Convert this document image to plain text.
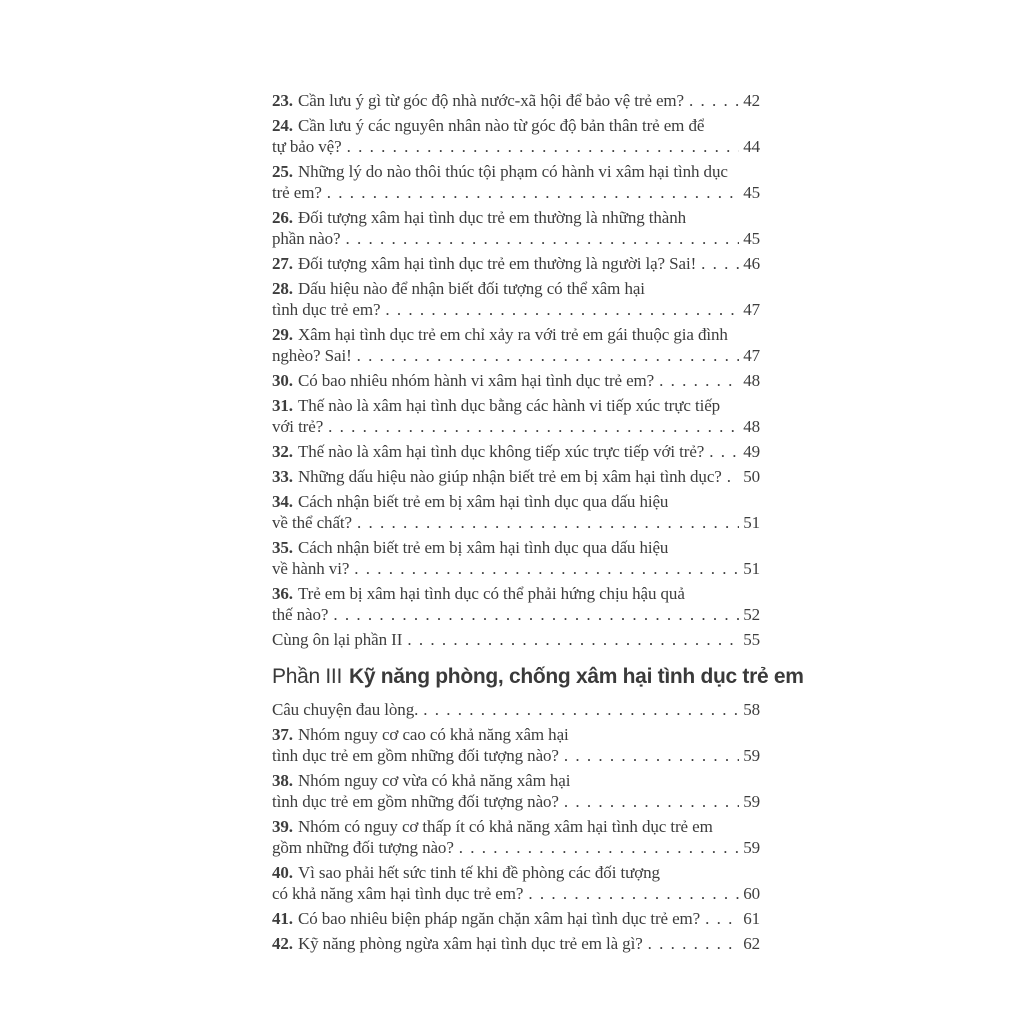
23. Cần lưu ý gì từ góc độ nhà nước-xã hội để bảo vệ trẻ em? . . .	42
24. Cần lưu ý các nguyên nhân nào từ góc độ bản thân trẻ em để
tự bảo vệ? . . .	44
25. Những lý do nào thôi thúc tội phạm có hành vi xâm hại tình dục
trẻ em? . . .	45
26. Đối tượng xâm hại tình dục trẻ em thường là những thành
phần nào? . . .	45
27. Đối tượng xâm hại tình dục trẻ em thường là người lạ? Sai! . . .	46
28. Dấu hiệu nào để nhận biết đối tượng có thể xâm hại
tình dục trẻ em? . . .	47
29. Xâm hại tình dục trẻ em chỉ xảy ra với trẻ em gái thuộc gia đình
nghèo? Sai! . . .	47
30. Có bao nhiêu nhóm hành vi xâm hại tình dục trẻ em? . . .	48
31. Thế nào là xâm hại tình dục bằng các hành vi tiếp xúc trực tiếp
với trẻ? . . .	48
32. Thế nào là xâm hại tình dục không tiếp xúc trực tiếp với trẻ? . . . 49
33. Những dấu hiệu nào giúp nhận biết trẻ em bị xâm hại tình dục? . . . 50
34. Cách nhận biết trẻ em bị xâm hại tình dục qua dấu hiệu
về thể chất? . . .	51
35. Cách nhận biết trẻ em bị xâm hại tình dục qua dấu hiệu
về hành vi? . . .	51
36. Trẻ em bị xâm hại tình dục có thể phải hứng chịu hậu quả
thế nào? . . .	52
Cùng ôn lại phần II . . .	55
Phần III Kỹ năng phòng, chống xâm hại tình dục trẻ em
Câu chuyện đau lòng. . . .	58
37. Nhóm nguy cơ cao có khả năng xâm hại
tình dục trẻ em gồm những đối tượng nào? . . .	59
38. Nhóm nguy cơ vừa có khả năng xâm hại
tình dục trẻ em gồm những đối tượng nào? . . .	59
39. Nhóm có nguy cơ thấp ít có khả năng xâm hại tình dục trẻ em
gồm những đối tượng nào? . . .	59
40. Vì sao phải hết sức tinh tế khi đề phòng các đối tượng
có khả năng xâm hại tình dục trẻ em? . . .	60
41. Có bao nhiêu biện pháp ngăn chặn xâm hại tình dục trẻ em? . . .	61
42. Kỹ năng phòng ngừa xâm hại tình dục trẻ em là gì? . . .	62
